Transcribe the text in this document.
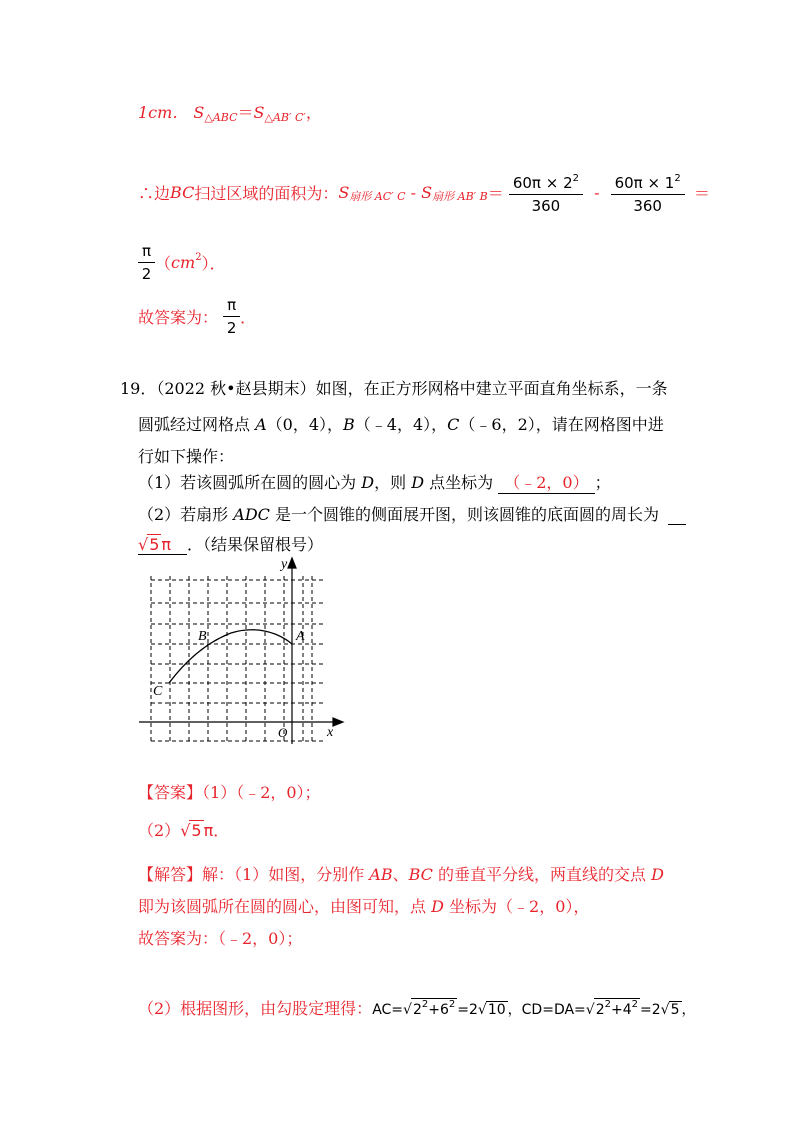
1cm． $S_{\triangle ABC}=S_{\triangle AB' C'}$，
∴边BC扫过区域的面积为：$S_{扇形 AC' C} - S_{扇形 AB' B}= \frac{60\pi \times 2^2}{360} - \frac{60\pi \times 1^2}{360}$ ＝
$\frac{\pi}{2} (cm^2)$．
故答案为： $\frac{\pi}{2}$ ．
19．（2022 秋•赵县期末）如图，在正方形网格中建立平面直角坐标系，一条
圆弧经过网格点 A（0，4），B（﹣4，4），C（﹣6，2），请在网格图中进
行如下操作：
（1）若该圆弧所在圆的圆心为 D，则 D 点坐标为 （﹣2，0） ；
（2）若扇形 ADC 是一个圆锥的侧面展开图，则该圆锥的底面圆的周长为
√5 π ．（结果保留根号）
y
x
O
A
B
C
【答案】（1）（﹣2，0）；
（2）√5 π．
【解答】解：（1）如图，分别作 AB、BC 的垂直平分线，两直线的交点 D
即为该圆弧所在圆的圆心，由图可知，点 D 坐标为（﹣2，0），
故答案为：（﹣2，0）；
（2）根据图形，由勾股定理得：$AC=√2^2+6^2 =2√10$ ，$CD=DA=√2^2+4^2 =2√5$ ，
